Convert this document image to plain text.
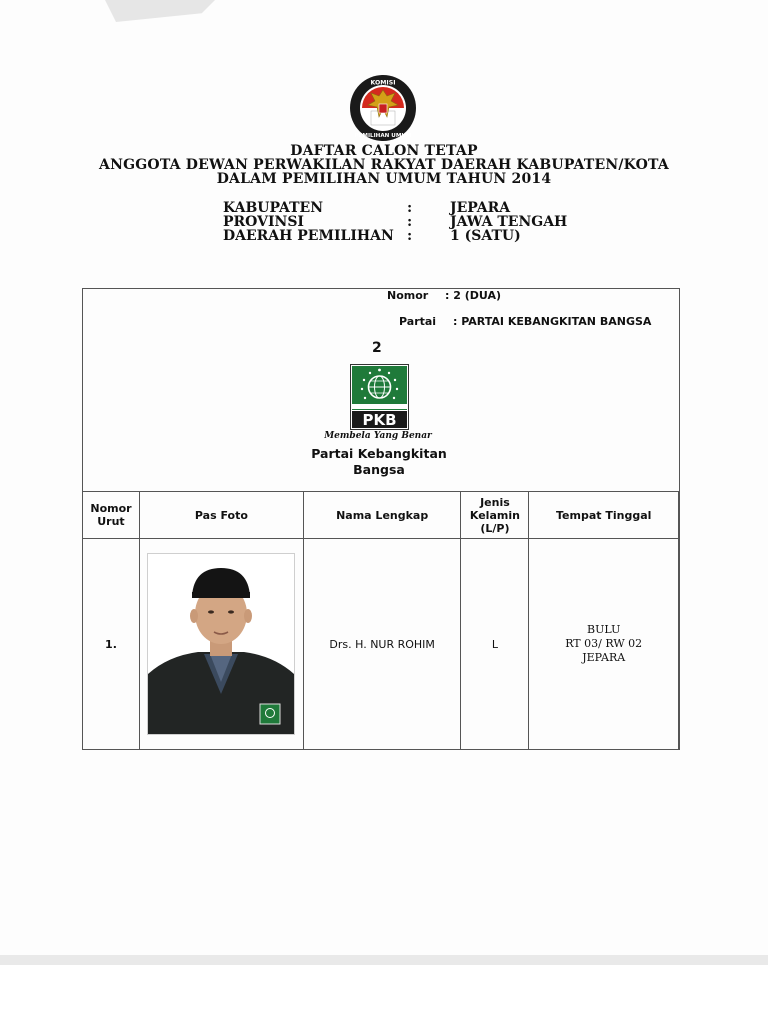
KOMISI
PEMILIHAN UMUM
DAFTAR CALON TETAP
ANGGOTA DEWAN PERWAKILAN RAKYAT DAERAH KABUPATEN/KOTA
DALAM PEMILIHAN UMUM TAHUN 2014
KABUPATEN	:	JEPARA
PROVINSI	:	JAWA TENGAH
DAERAH PEMILIHAN :	1 (SATU)
Nomor : 2 (DUA)
Partai : PARTAI KEBANGKITAN BANGSA
2
PKB
Membela Yang Benar
Partai Kebangkitan
Bangsa
Nomor Urut	Pas Foto	Nama Lengkap	Jenis Kelamin (L/P)	Tempat Tinggal
1.		Drs. H. NUR ROHIM	L	BULU
RT 03/ RW 02
JEPARA
